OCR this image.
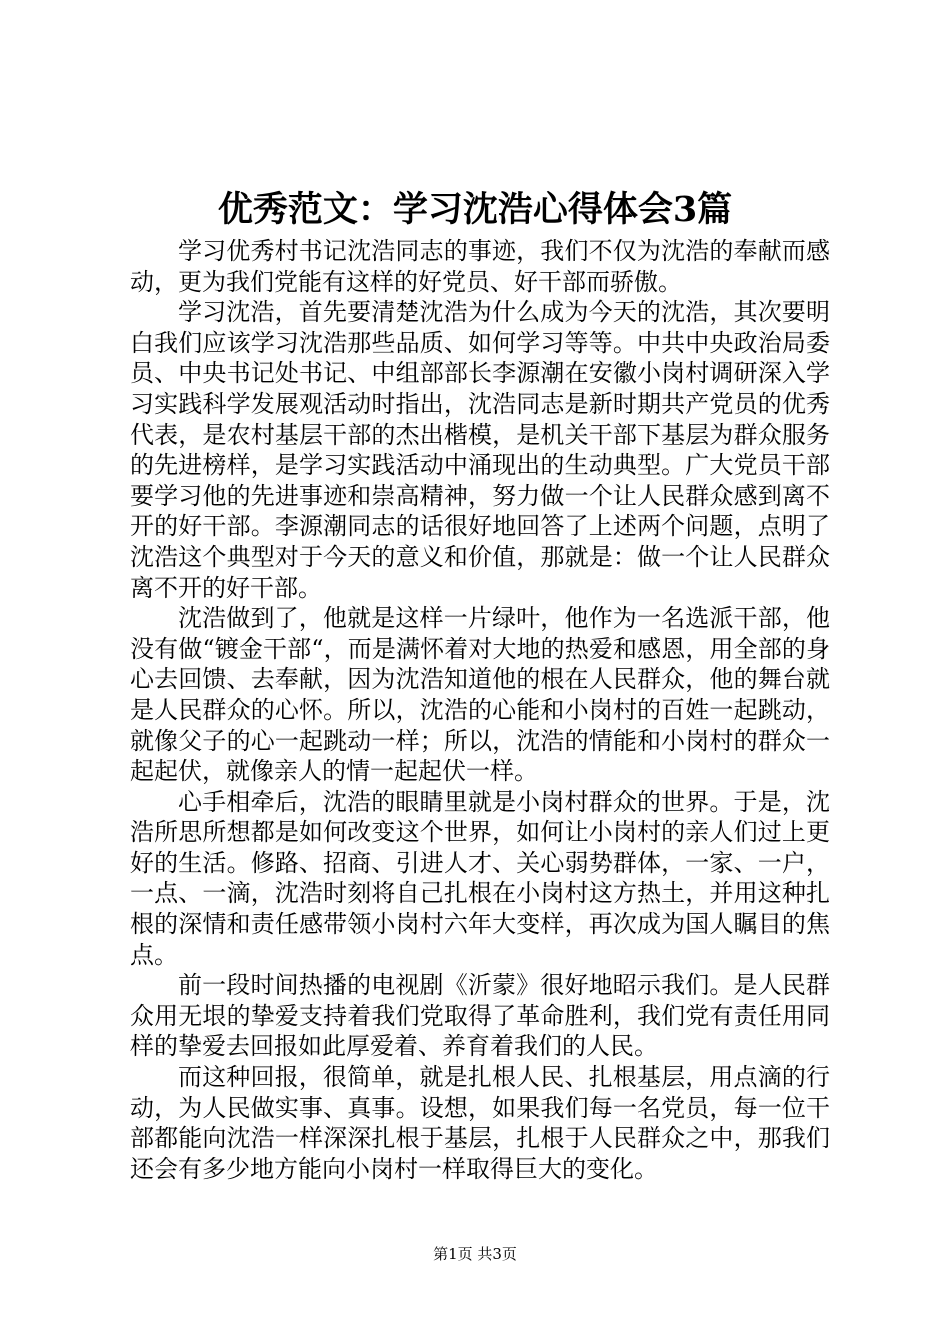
优秀范文：学习沈浩心得体会3篇

学习优秀村书记沈浩同志的事迹，我们不仅为沈浩的奉献而感动，更为我们党能有这样的好党员、好干部而骄傲。

学习沈浩，首先要清楚沈浩为什么成为今天的沈浩，其次要明白我们应该学习沈浩那些品质、如何学习等等。中共中央政治局委员、中央书记处书记、中组部部长李源潮在安徽小岗村调研深入学习实践科学发展观活动时指出，沈浩同志是新时期共产党员的优秀代表，是农村基层干部的杰出楷模，是机关干部下基层为群众服务的先进榜样，是学习实践活动中涌现出的生动典型。广大党员干部要学习他的先进事迹和崇高精神，努力做一个让人民群众感到离不开的好干部。李源潮同志的话很好地回答了上述两个问题，点明了沈浩这个典型对于今天的意义和价值，那就是：做一个让人民群众离不开的好干部。

沈浩做到了，他就是这样一片绿叶，他作为一名选派干部，他没有做“镀金干部“，而是满怀着对大地的热爱和感恩，用全部的身心去回馈、去奉献，因为沈浩知道他的根在人民群众，他的舞台就是人民群众的心怀。所以，沈浩的心能和小岗村的百姓一起跳动，就像父子的心一起跳动一样；所以，沈浩的情能和小岗村的群众一起起伏，就像亲人的情一起起伏一样。

心手相牵后，沈浩的眼睛里就是小岗村群众的世界。于是，沈浩所思所想都是如何改变这个世界，如何让小岗村的亲人们过上更好的生活。修路、招商、引进人才、关心弱势群体，一家、一户，一点、一滴，沈浩时刻将自己扎根在小岗村这方热土，并用这种扎根的深情和责任感带领小岗村六年大变样，再次成为国人瞩目的焦点。

前一段时间热播的电视剧《沂蒙》很好地昭示我们。是人民群众用无垠的挚爱支持着我们党取得了革命胜利，我们党有责任用同样的挚爱去回报如此厚爱着、养育着我们的人民。

而这种回报，很简单，就是扎根人民、扎根基层，用点滴的行动，为人民做实事、真事。设想，如果我们每一名党员，每一位干部都能向沈浩一样深深扎根于基层，扎根于人民群众之中，那我们还会有多少地方能向小岗村一样取得巨大的变化。

第1页 共3页
